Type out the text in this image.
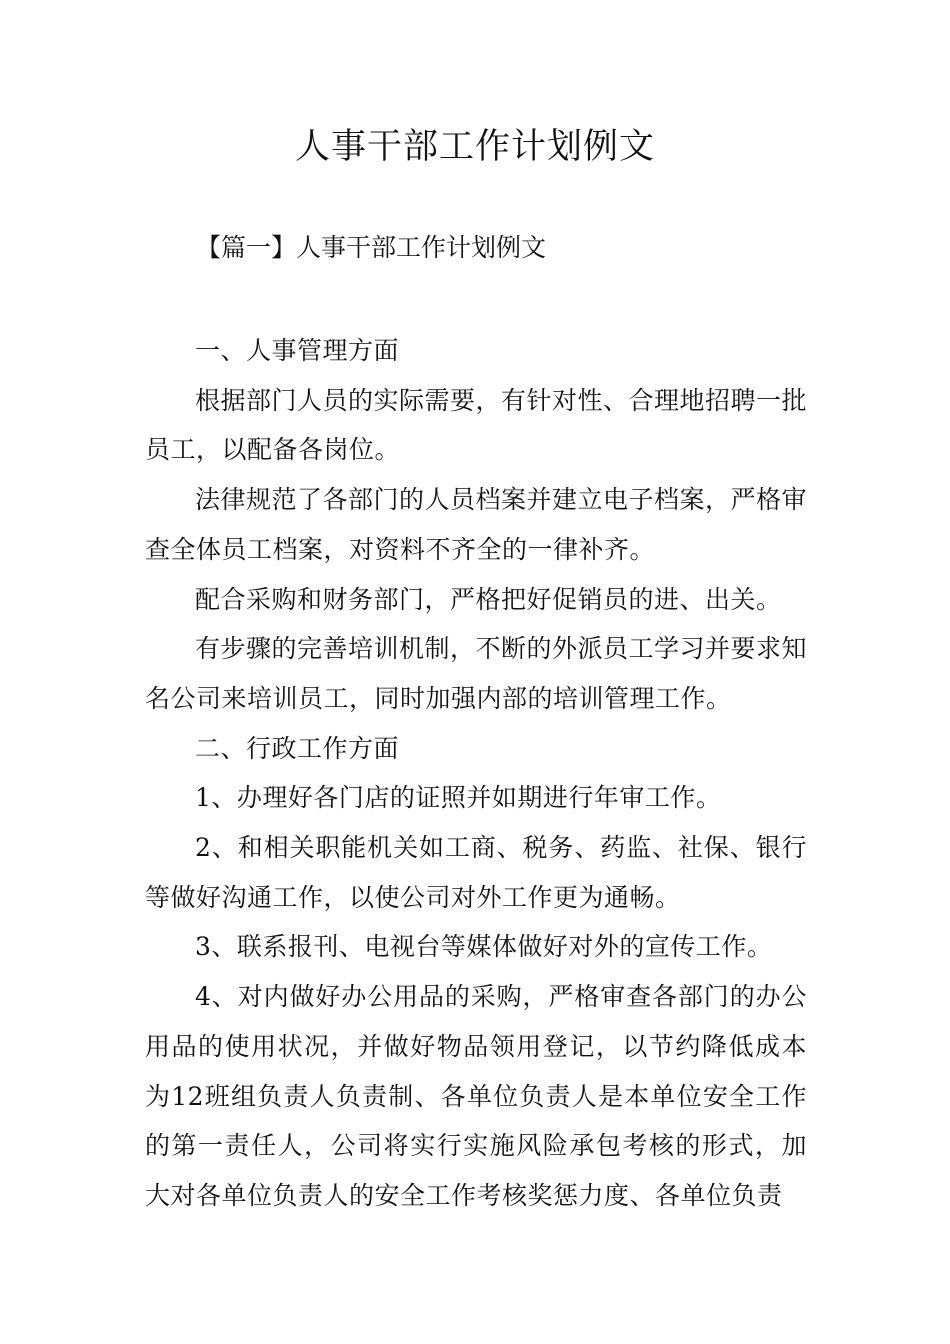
人事干部工作计划例文

【篇一】人事干部工作计划例文

一、人事管理方面

根据部门人员的实际需要，有针对性、合理地招聘一批员工，以配备各岗位。

法律规范了各部门的人员档案并建立电子档案，严格审查全体员工档案，对资料不齐全的一律补齐。

配合采购和财务部门，严格把好促销员的进、出关。

有步骤的完善培训机制，不断的外派员工学习并要求知名公司来培训员工，同时加强内部的培训管理工作。

二、行政工作方面

1、办理好各门店的证照并如期进行年审工作。

2、和相关职能机关如工商、税务、药监、社保、银行等做好沟通工作，以使公司对外工作更为通畅。

3、联系报刊、电视台等媒体做好对外的宣传工作。

4、对内做好办公用品的采购，严格审查各部门的办公用品的使用状况，并做好物品领用登记，以节约降低成本为12班组负责人负责制、各单位负责人是本单位安全工作的第一责任人，公司将实行实施风险承包考核的形式，加大对各单位负责人的安全工作考核奖惩力度、各单位负责
